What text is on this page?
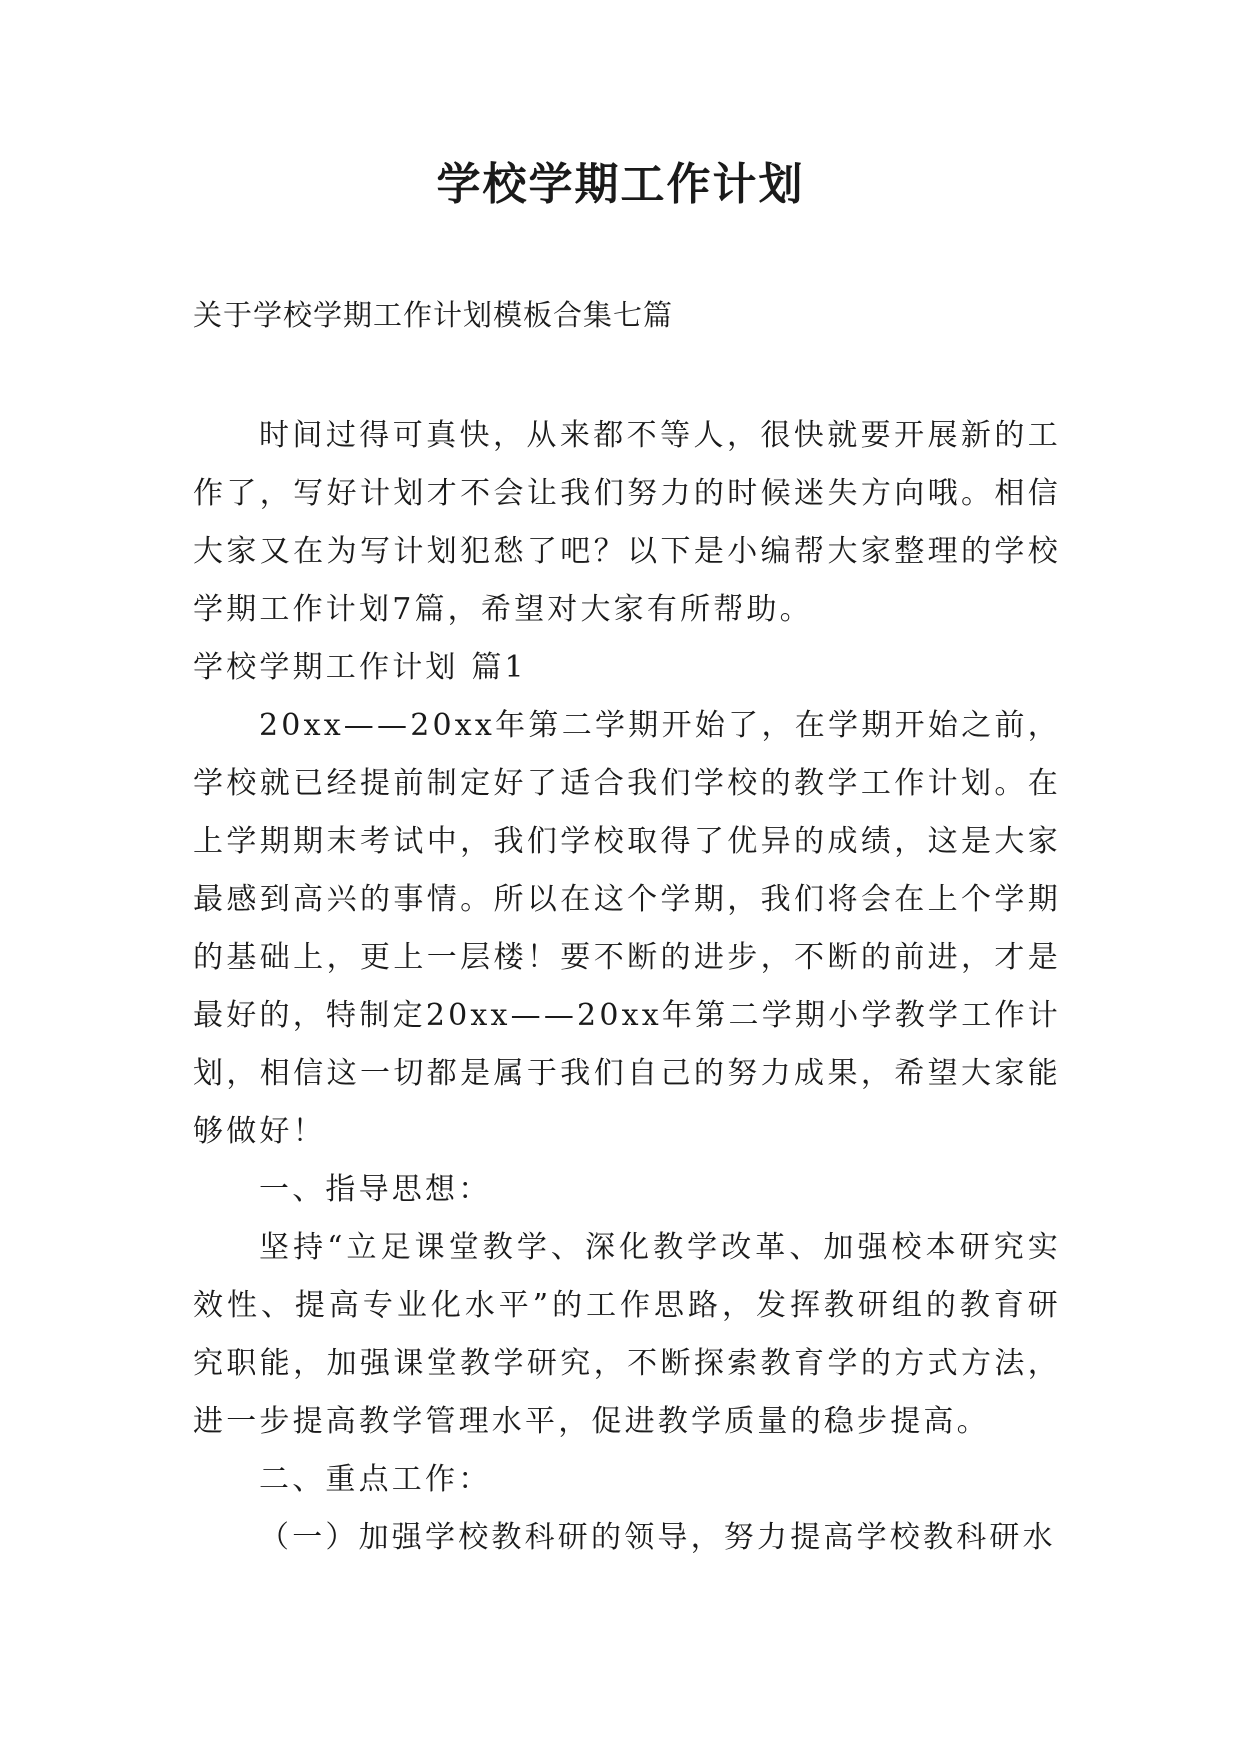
学校学期工作计划
关于学校学期工作计划模板合集七篇

时间过得可真快，从来都不等人，很快就要开展新的工作了，写好计划才不会让我们努力的时候迷失方向哦。相信大家又在为写计划犯愁了吧？以下是小编帮大家整理的学校学期工作计划7篇，希望对大家有所帮助。

学校学期工作计划 篇1

20xx——20xx年第二学期开始了，在学期开始之前，学校就已经提前制定好了适合我们学校的教学工作计划。在上学期期末考试中，我们学校取得了优异的成绩，这是大家最感到高兴的事情。所以在这个学期，我们将会在上个学期的基础上，更上一层楼！要不断的进步，不断的前进，才是最好的，特制定20xx——20xx年第二学期小学教学工作计划，相信这一切都是属于我们自己的努力成果，希望大家能够做好！

一、指导思想：

坚持“立足课堂教学、深化教学改革、加强校本研究实效性、提高专业化水平”的工作思路，发挥教研组的教育研究职能，加强课堂教学研究，不断探索教育学的方式方法，进一步提高教学管理水平，促进教学质量的稳步提高。

二、重点工作：

（一）加强学校教科研的领导，努力提高学校教科研水
